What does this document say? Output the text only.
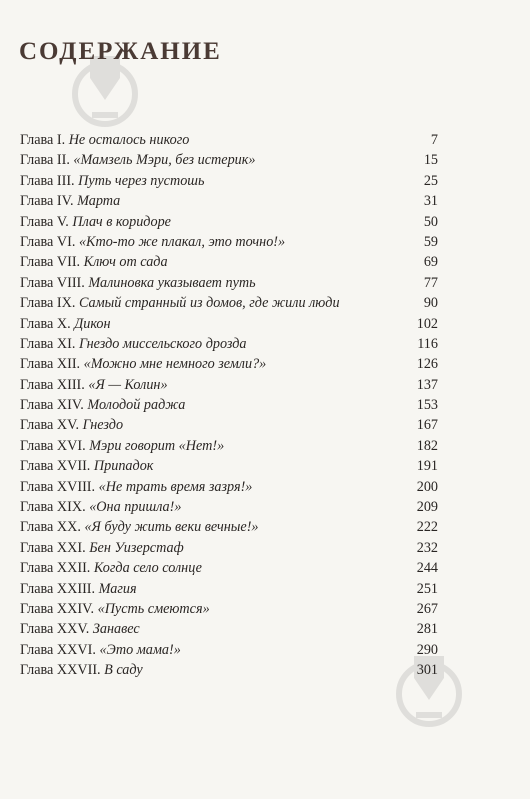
СОДЕРЖАНИЕ
Глава I. Не осталось никого	7
Глава II. «Мамзель Мэри, без истерик»	15
Глава III. Путь через пустошь	25
Глава IV. Марта	31
Глава V. Плач в коридоре	50
Глава VI. «Кто-то же плакал, это точно!»	59
Глава VII. Ключ от сада	69
Глава VIII. Малиновка указывает путь	77
Глава IX. Самый странный из домов, где жили люди	90
Глава X. Дикон	102
Глава XI. Гнездо миссельского дрозда	116
Глава XII. «Можно мне немного земли?»	126
Глава XIII. «Я — Колин»	137
Глава XIV. Молодой раджа	153
Глава XV. Гнездо	167
Глава XVI. Мэри говорит «Нет!»	182
Глава XVII. Припадок	191
Глава XVIII. «Не трать время зазря!»	200
Глава XIX. «Она пришла!»	209
Глава XX. «Я буду жить веки вечные!»	222
Глава XXI. Бен Уизерстаф	232
Глава XXII. Когда село солнце	244
Глава XXIII. Магия	251
Глава XXIV. «Пусть смеются»	267
Глава XXV. Занавес	281
Глава XXVI. «Это мама!»	290
Глава XXVII. В саду	301
